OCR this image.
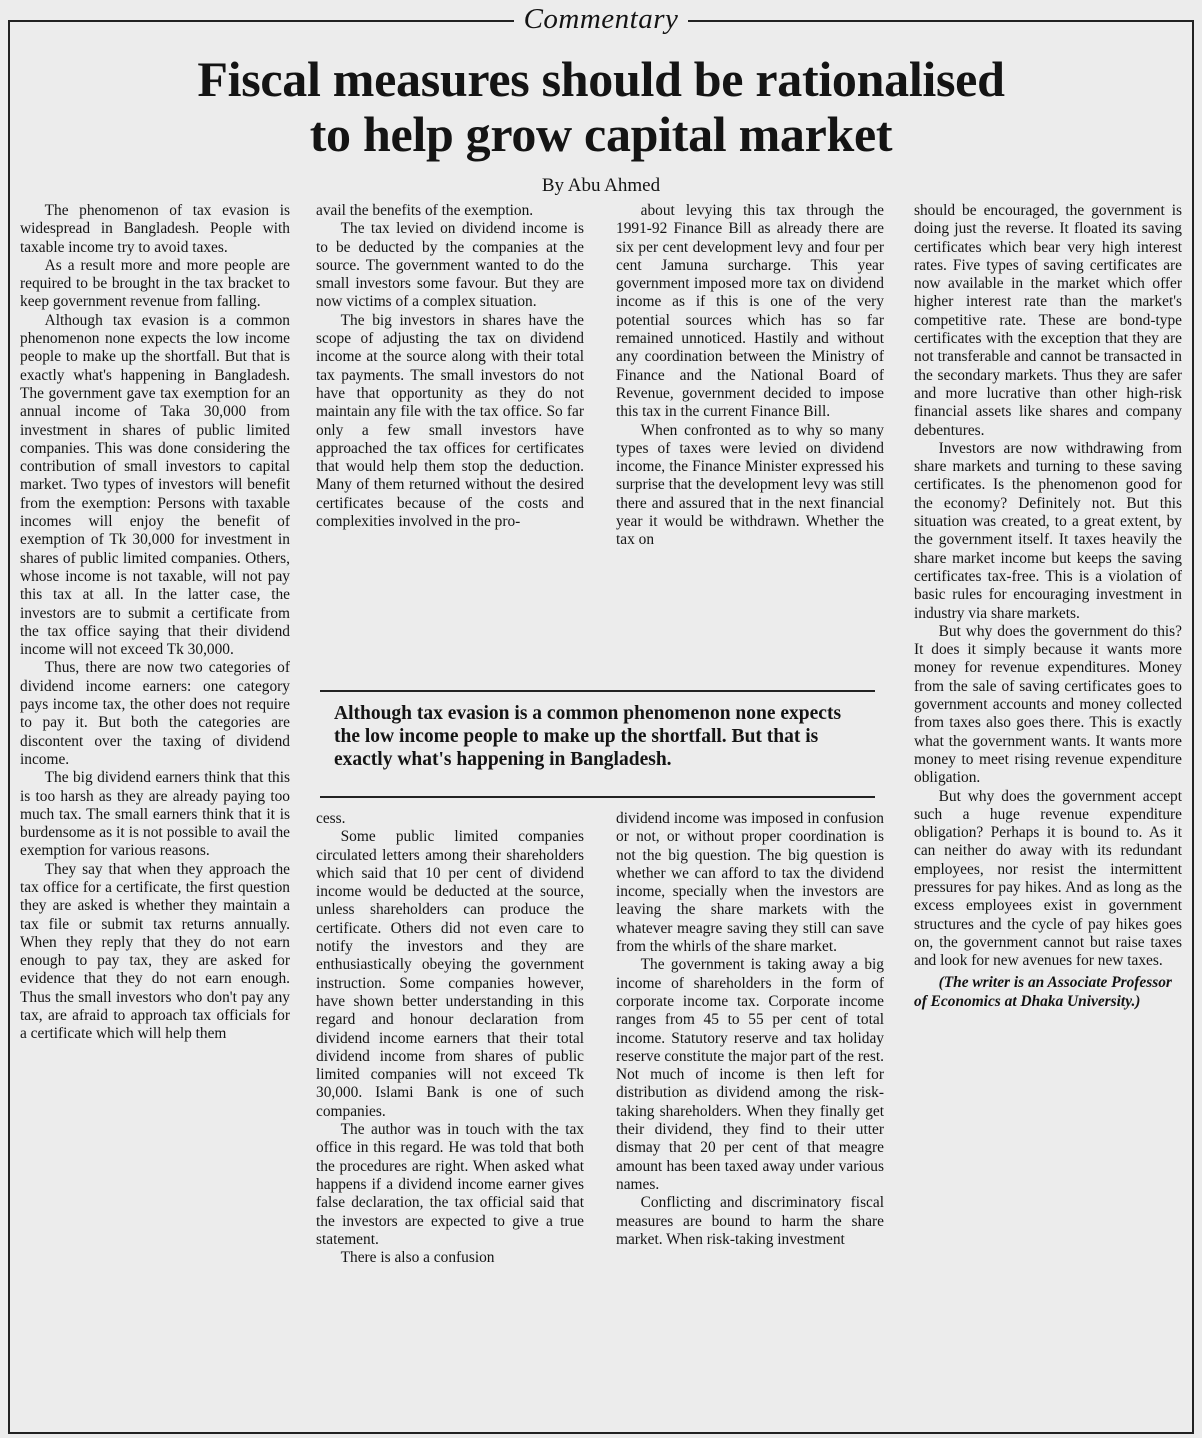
Commentary
Fiscal measures should be rationalised
to help grow capital market
By Abu Ahmed

The phenomenon of tax evasion is widespread in Bangladesh. People with taxable income try to avoid taxes.

As a result more and more people are required to be brought in the tax bracket to keep government revenue from falling.

Although tax evasion is a common phenomenon none expects the low income people to make up the shortfall. But that is exactly what's happening in Bangladesh. The government gave tax exemption for an annual income of Taka 30,000 from investment in shares of public limited companies. This was done considering the contribution of small investors to capital market. Two types of investors will benefit from the exemption: Persons with taxable incomes will enjoy the benefit of exemption of Tk 30,000 for investment in shares of public limited companies. Others, whose income is not taxable, will not pay this tax at all. In the latter case, the investors are to submit a certificate from the tax office saying that their dividend income will not exceed Tk 30,000.

Thus, there are now two categories of dividend income earners: one category pays income tax, the other does not require to pay it. But both the categories are discontent over the taxing of dividend income.

The big dividend earners think that this is too harsh as they are already paying too much tax. The small earners think that it is burdensome as it is not possible to avail the exemption for various reasons.

They say that when they approach the tax office for a certificate, the first question they are asked is whether they maintain a tax file or submit tax returns annually. When they reply that they do not earn enough to pay tax, they are asked for evidence that they do not earn enough. Thus the small investors who don't pay any tax, are afraid to approach tax officials for a certificate which will help them

avail the benefits of the exemption.

The tax levied on dividend income is to be deducted by the companies at the source. The government wanted to do the small investors some favour. But they are now victims of a complex situation.

The big investors in shares have the scope of adjusting the tax on dividend income at the source along with their total tax payments. The small investors do not have that opportunity as they do not maintain any file with the tax office. So far only a few small investors have approached the tax offices for certificates that would help them stop the deduction. Many of them returned without the desired certificates because of the costs and complexities involved in the pro-

about levying this tax through the 1991-92 Finance Bill as already there are six per cent development levy and four per cent Jamuna surcharge. This year government imposed more tax on dividend income as if this is one of the very potential sources which has so far remained unnoticed. Hastily and without any coordination between the Ministry of Finance and the National Board of Revenue, government decided to impose this tax in the current Finance Bill.

When confronted as to why so many types of taxes were levied on dividend income, the Finance Minister expressed his surprise that the development levy was still there and assured that in the next financial year it would be withdrawn. Whether the tax on

Although tax evasion is a common phenomenon none expects the low income people to make up the shortfall. But that is exactly what's happening in Bangladesh.

cess.

Some public limited companies circulated letters among their shareholders which said that 10 per cent of dividend income would be deducted at the source, unless shareholders can produce the certificate. Others did not even care to notify the investors and they are enthusiastically obeying the government instruction. Some companies however, have shown better understanding in this regard and honour declaration from dividend income earners that their total dividend income from shares of public limited companies will not exceed Tk 30,000. Islami Bank is one of such companies.

The author was in touch with the tax office in this regard. He was told that both the procedures are right. When asked what happens if a dividend income earner gives false declaration, the tax official said that the investors are expected to give a true statement.

There is also a confusion

dividend income was imposed in confusion or not, or without proper coordination is not the big question. The big question is whether we can afford to tax the dividend income, specially when the investors are leaving the share markets with the whatever meagre saving they still can save from the whirls of the share market.

The government is taking away a big income of shareholders in the form of corporate income tax. Corporate income ranges from 45 to 55 per cent of total income. Statutory reserve and tax holiday reserve constitute the major part of the rest. Not much of income is then left for distribution as dividend among the risk-taking shareholders. When they finally get their dividend, they find to their utter dismay that 20 per cent of that meagre amount has been taxed away under various names.

Conflicting and discriminatory fiscal measures are bound to harm the share market. When risk-taking investment

should be encouraged, the government is doing just the reverse. It floated its saving certificates which bear very high interest rates. Five types of saving certificates are now available in the market which offer higher interest rate than the market's competitive rate. These are bond-type certificates with the exception that they are not transferable and cannot be transacted in the secondary markets. Thus they are safer and more lucrative than other high-risk financial assets like shares and company debentures.

Investors are now withdrawing from share markets and turning to these saving certificates. Is the phenomenon good for the economy? Definitely not. But this situation was created, to a great extent, by the government itself. It taxes heavily the share market income but keeps the saving certificates tax-free. This is a violation of basic rules for encouraging investment in industry via share markets.

But why does the government do this? It does it simply because it wants more money for revenue expenditures. Money from the sale of saving certificates goes to government accounts and money collected from taxes also goes there. This is exactly what the government wants. It wants more money to meet rising revenue expenditure obligation.

But why does the government accept such a huge revenue expenditure obligation? Perhaps it is bound to. As it can neither do away with its redundant employees, nor resist the intermittent pressures for pay hikes. And as long as the excess employees exist in government structures and the cycle of pay hikes goes on, the government cannot but raise taxes and look for new avenues for new taxes.

(The writer is an Associate Professor of Economics at Dhaka University.)
